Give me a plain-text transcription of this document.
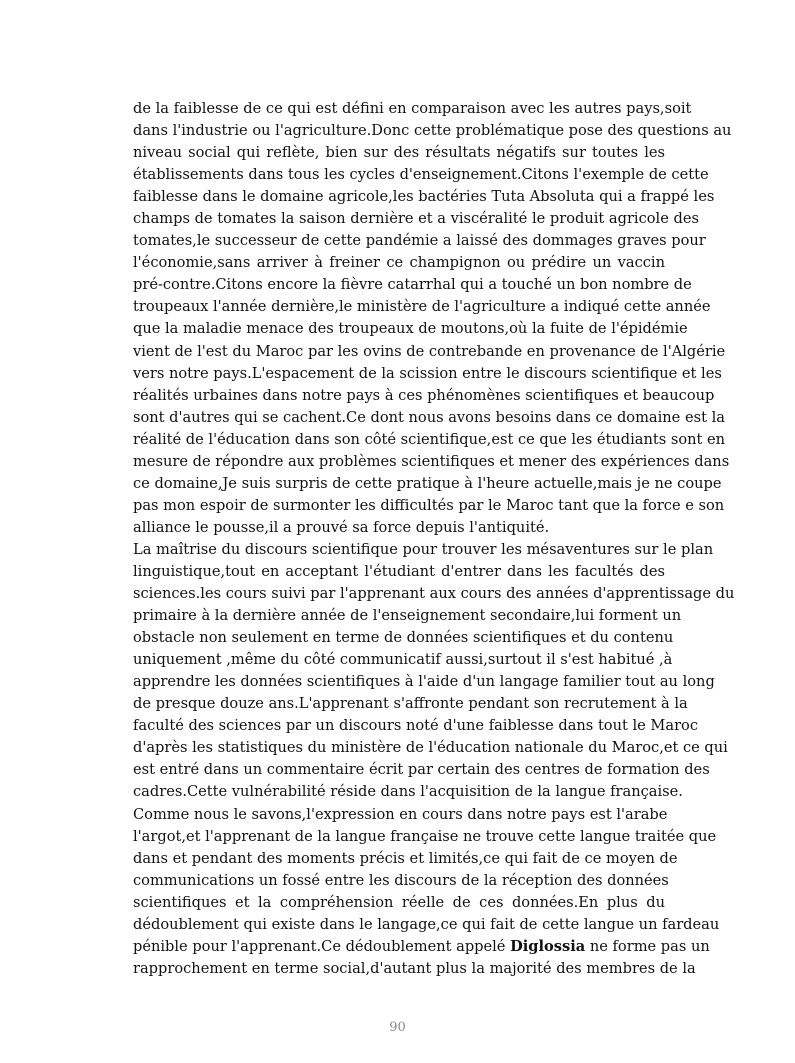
de la faiblesse de ce qui est défini en comparaison avec les autres pays,soit
dans l'industrie ou l'agriculture.Donc cette problématique pose des questions au
niveau social qui reflète, bien sur des résultats négatifs sur toutes les
établissements dans tous les cycles d'enseignement.Citons l'exemple de cette
faiblesse dans le domaine agricole,les bactéries Tuta Absoluta qui a frappé les
champs de tomates la saison dernière et a viscéralité le produit agricole des
tomates,le successeur de cette pandémie a laissé des dommages graves pour
l'économie,sans arriver à freiner ce champignon ou prédire un vaccin
pré-contre.Citons encore la fièvre catarrhal qui a touché un bon nombre de
troupeaux l'année dernière,le ministère de l'agriculture a indiqué cette année
que la maladie menace des troupeaux de moutons,où la fuite de l'épidémie
vient de l'est du Maroc par les ovins de contrebande en provenance de l'Algérie
vers notre pays.L'espacement de la scission entre le discours scientifique et les
réalités urbaines dans notre pays à ces phénomènes scientifiques et beaucoup
sont d'autres qui se cachent.Ce dont nous avons besoins dans ce domaine est la
réalité de l'éducation dans son côté scientifique,est ce que les étudiants sont en
mesure de répondre aux problèmes scientifiques et mener des expériences dans
ce domaine,Je suis surpris de cette pratique à l'heure actuelle,mais je ne coupe
pas mon espoir de surmonter les difficultés par le Maroc tant que la force e son
alliance le pousse,il a prouvé sa force depuis l'antiquité.
La maîtrise du discours scientifique pour trouver les mésaventures sur le plan
linguistique,tout en acceptant l'étudiant d'entrer dans les facultés des
sciences.les cours suivi par l'apprenant aux cours des années d'apprentissage du
primaire à la dernière année de l'enseignement secondaire,lui forment un
obstacle non seulement en terme de données scientifiques et du contenu
uniquement ,même du côté communicatif aussi,surtout il s'est habitué ,à
apprendre les données scientifiques à l'aide d'un langage familier tout au long
de presque douze ans.L'apprenant s'affronte pendant son recrutement à la
faculté des sciences par un discours noté d'une faiblesse dans tout le Maroc
d'après les statistiques du ministère de l'éducation nationale du Maroc,et ce qui
est entré dans un commentaire écrit par certain des centres de formation des
cadres.Cette vulnérabilité réside dans l'acquisition de la langue française.
Comme nous le savons,l'expression en cours dans notre pays est l'arabe
l'argot,et l'apprenant de la langue française ne trouve cette langue traitée que
dans et pendant des moments précis et limités,ce qui fait de ce moyen de
communications un fossé entre les discours de la réception des données
scientifiques et la compréhension réelle de ces données.En plus du
dédoublement qui existe dans le langage,ce qui fait de cette langue un fardeau
pénible pour l'apprenant.Ce dédoublement appelé Diglossia ne forme pas un
rapprochement en terme social,d'autant plus la majorité des membres de la
90
